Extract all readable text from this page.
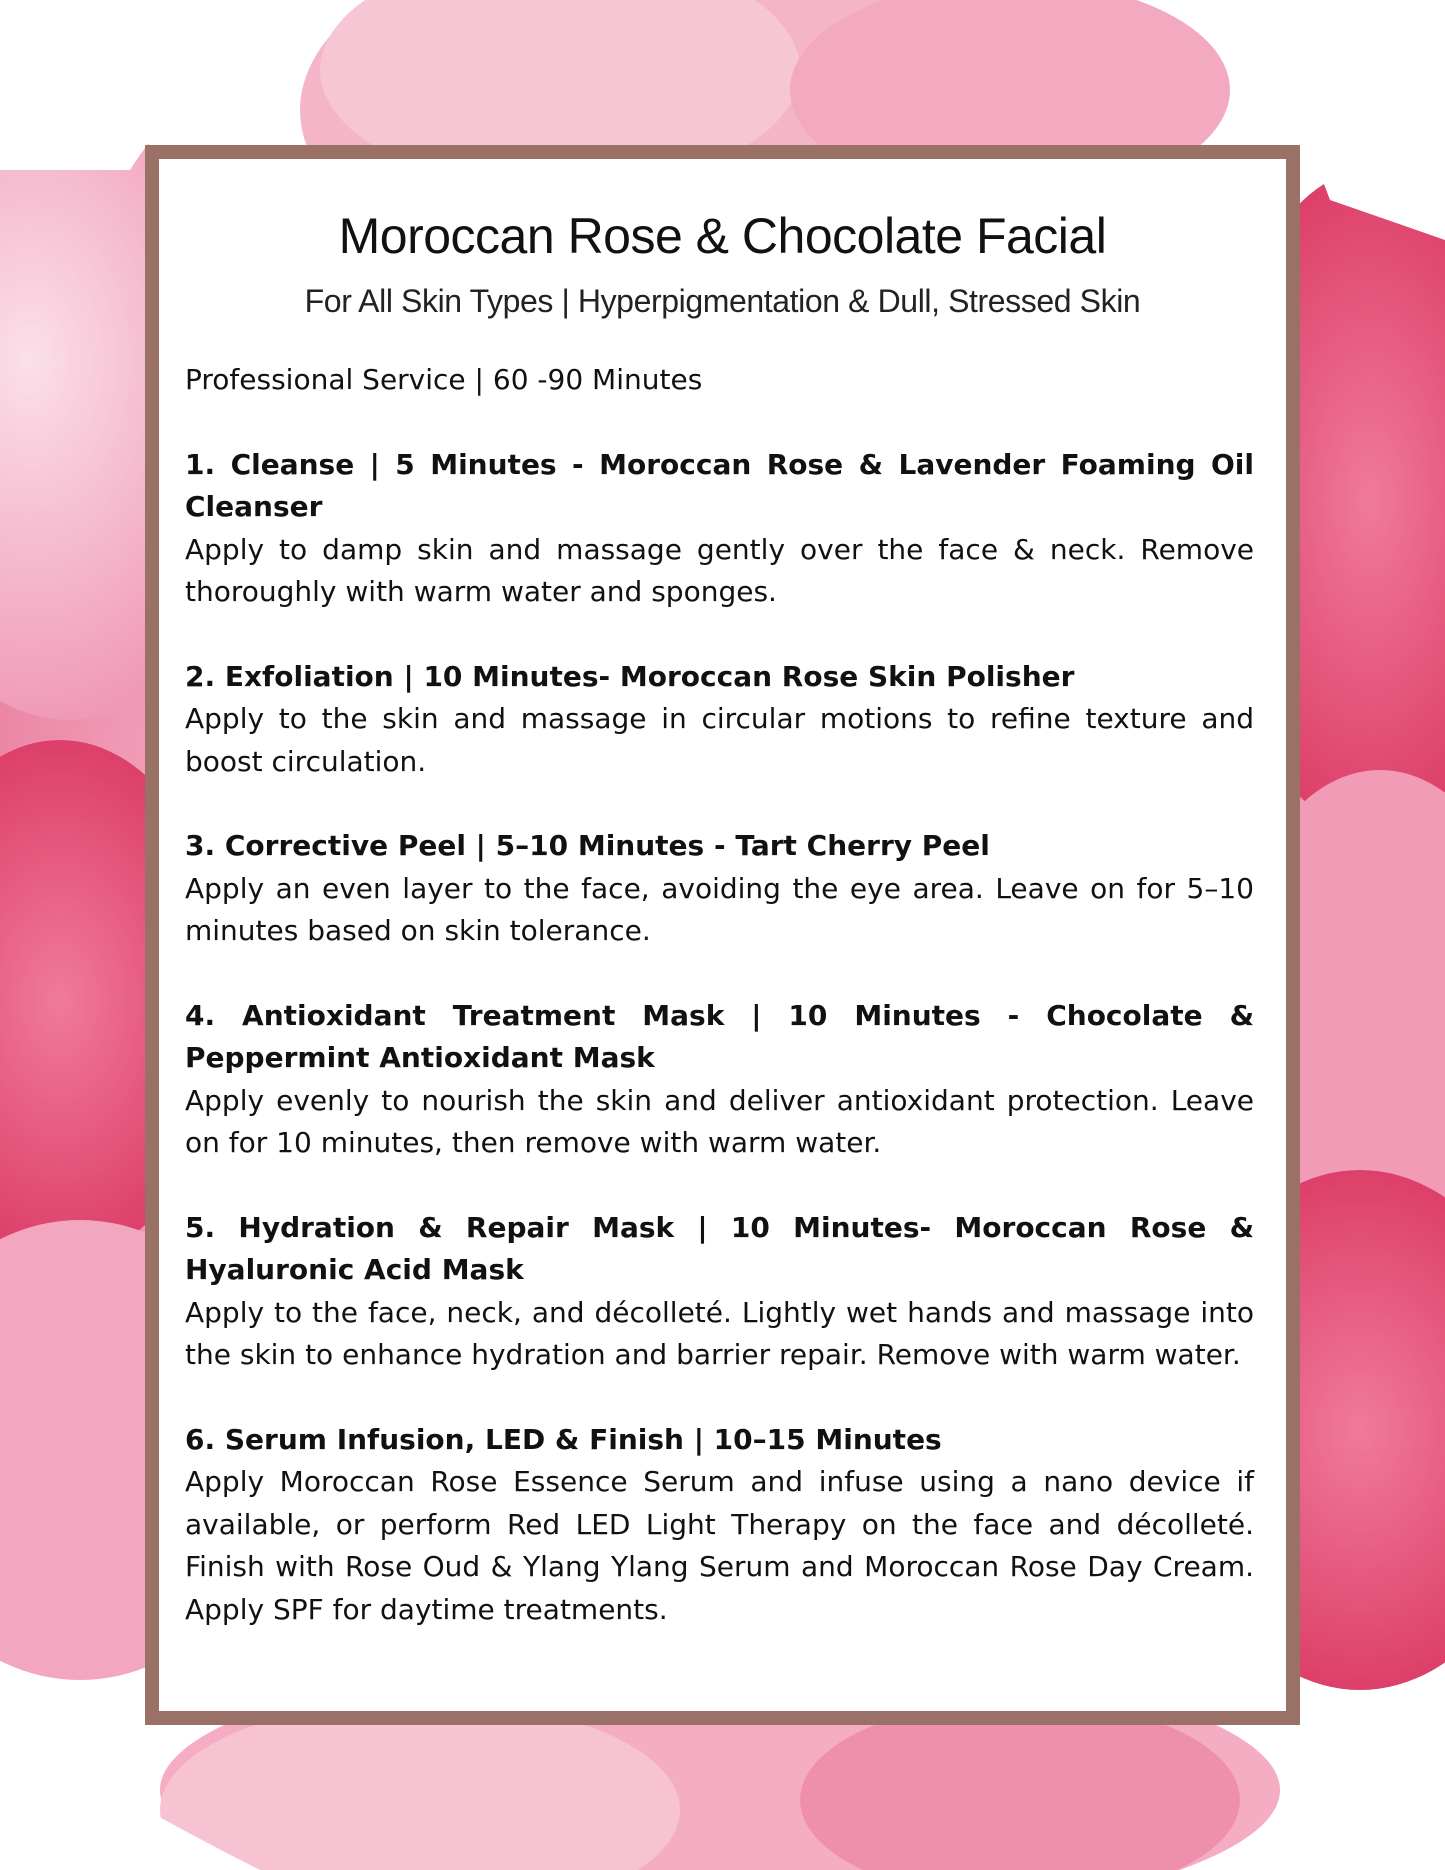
Moroccan Rose & Chocolate Facial
For All Skin Types | Hyperpigmentation & Dull, Stressed Skin
Professional Service | 60 -90 Minutes
1. Cleanse | 5 Minutes - Moroccan Rose & Lavender Foaming Oil Cleanser
Apply to damp skin and massage gently over the face & neck. Remove thoroughly with warm water and sponges.
2. Exfoliation | 10 Minutes- Moroccan Rose Skin Polisher
Apply to the skin and massage in circular motions to refine texture and boost circulation.
3. Corrective Peel | 5–10 Minutes - Tart Cherry Peel
Apply an even layer to the face, avoiding the eye area. Leave on for 5–10 minutes based on skin tolerance.
4. Antioxidant Treatment Mask | 10 Minutes - Chocolate & Peppermint Antioxidant Mask
Apply evenly to nourish the skin and deliver antioxidant protection. Leave on for 10 minutes, then remove with warm water.
5. Hydration & Repair Mask | 10 Minutes- Moroccan Rose & Hyaluronic Acid Mask
Apply to the face, neck, and décolleté. Lightly wet hands and massage into the skin to enhance hydration and barrier repair. Remove with warm water.
6. Serum Infusion, LED & Finish | 10–15 Minutes
Apply Moroccan Rose Essence Serum and infuse using a nano device if available, or perform Red LED Light Therapy on the face and décolleté. Finish with Rose Oud & Ylang Ylang Serum and Moroccan Rose Day Cream. Apply SPF for daytime treatments.
